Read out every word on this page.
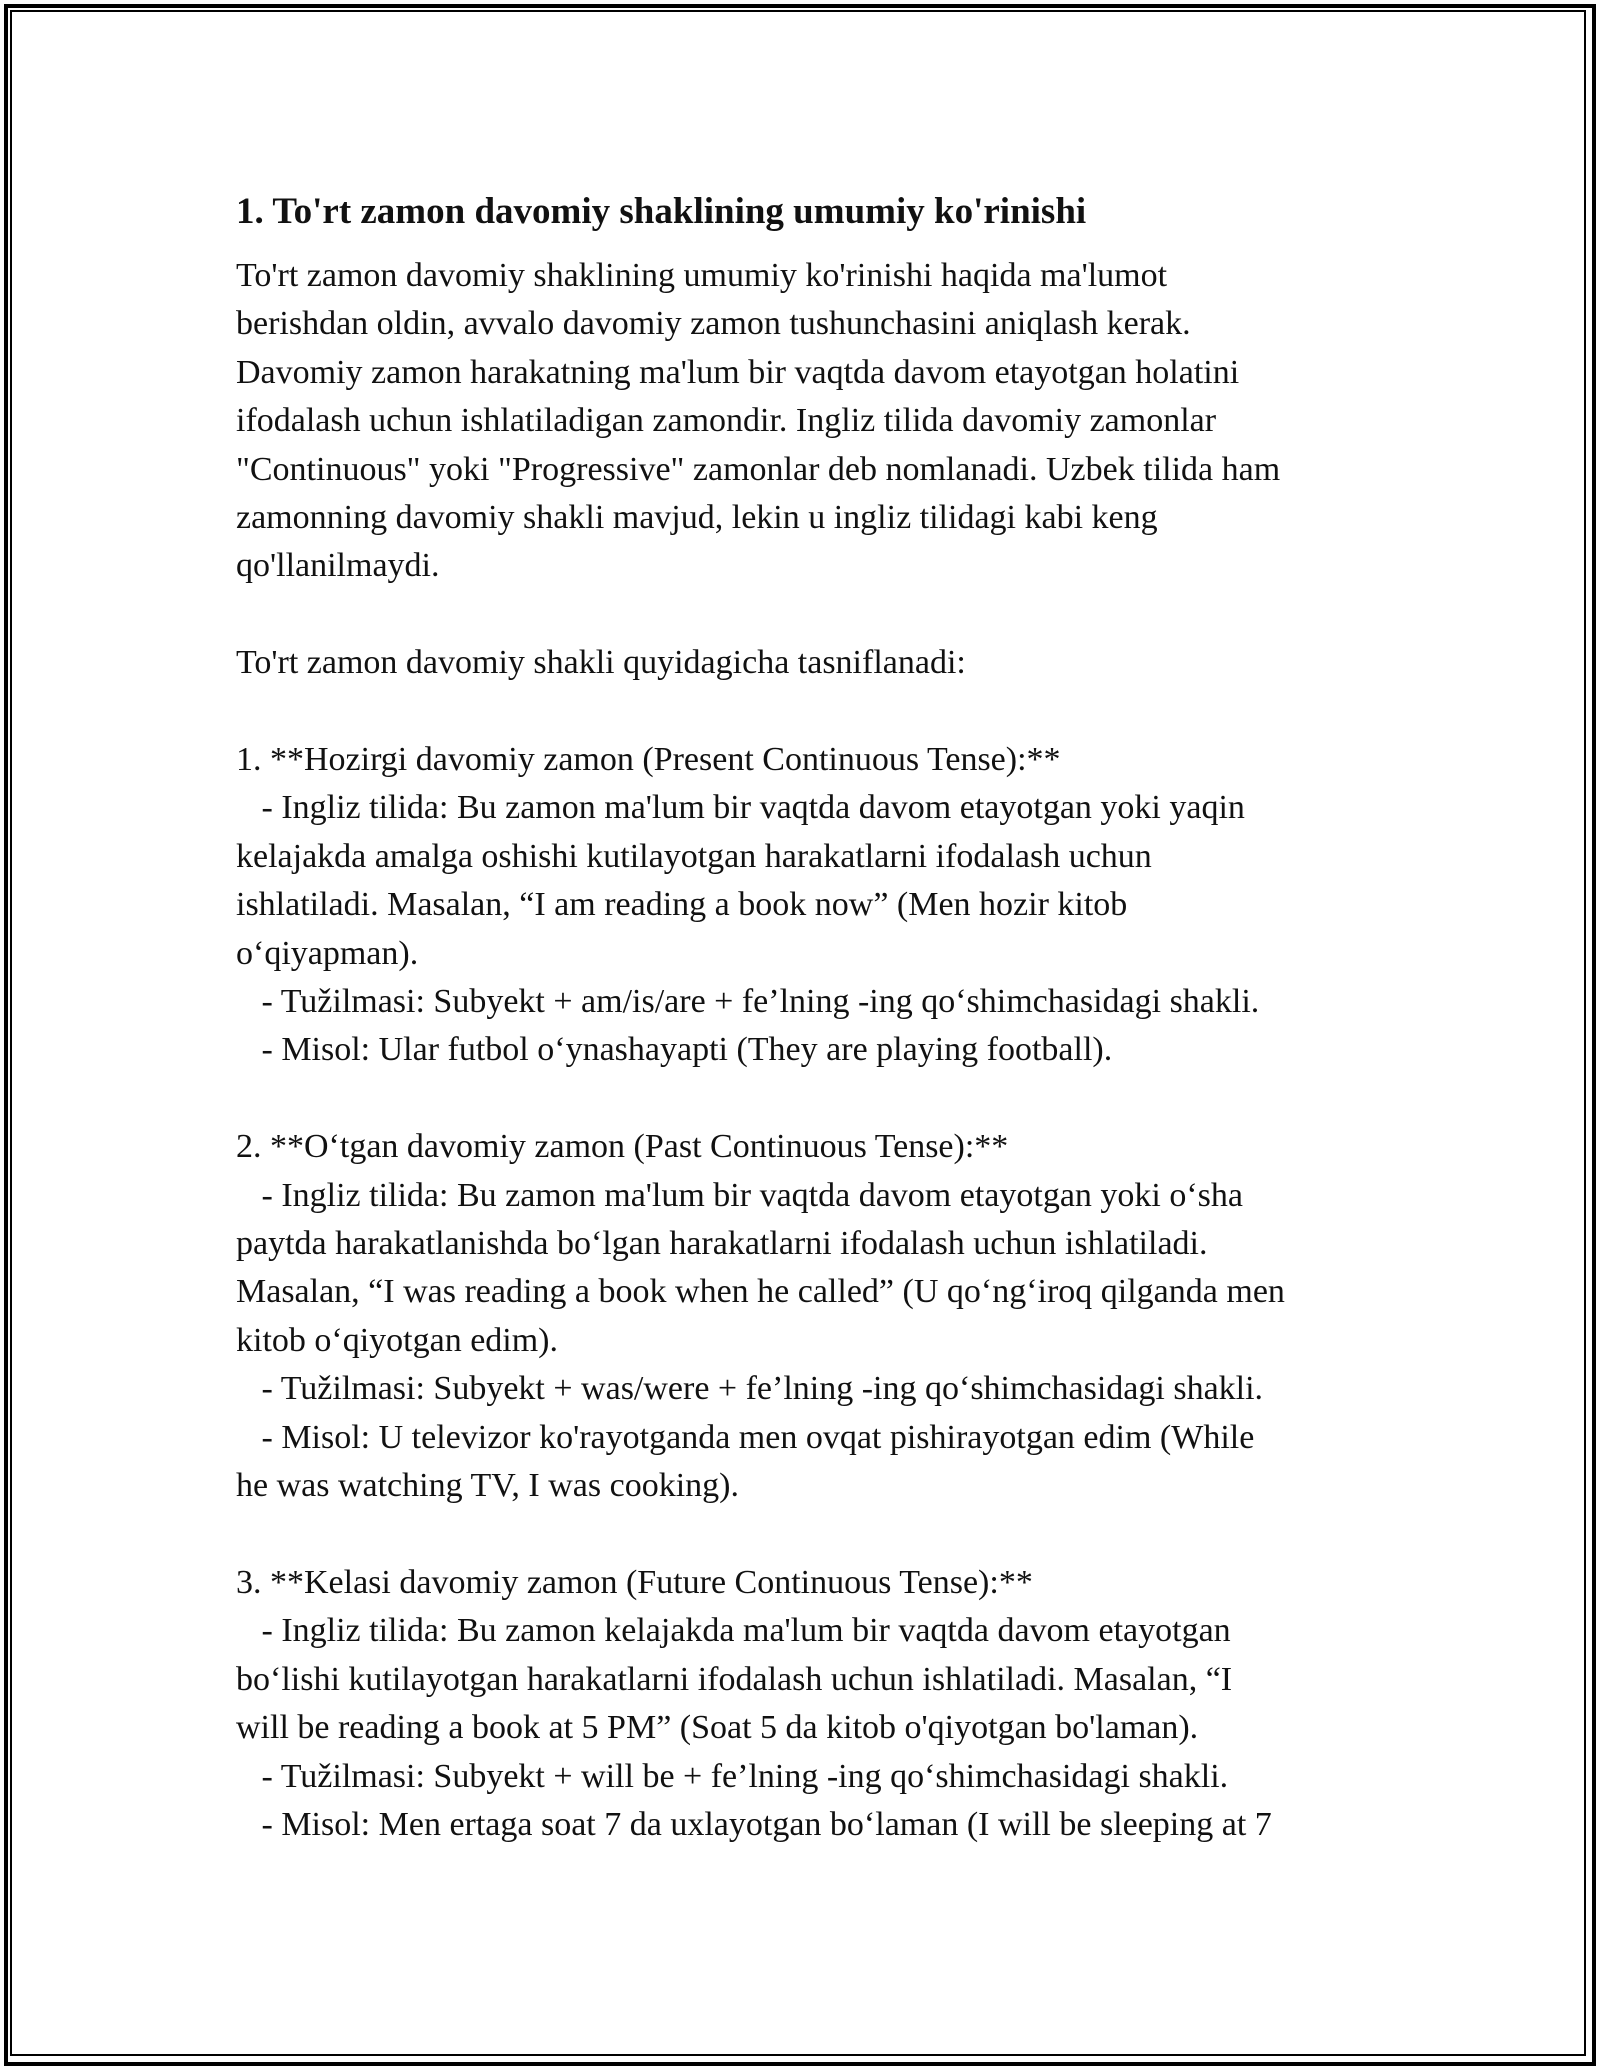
1. To'rt zamon davomiy shaklining umumiy ko'rinishi
To'rt zamon davomiy shaklining umumiy ko'rinishi haqida ma'lumot
berishdan oldin, avvalo davomiy zamon tushunchasini aniqlash kerak.
Davomiy zamon harakatning ma'lum bir vaqtda davom etayotgan holatini
ifodalash uchun ishlatiladigan zamondir. Ingliz tilida davomiy zamonlar
"Continuous" yoki "Progressive" zamonlar deb nomlanadi. Uzbek tilida ham
zamonning davomiy shakli mavjud, lekin u ingliz tilidagi kabi keng
qo'llanilmaydi.
To'rt zamon davomiy shakli quyidagicha tasniflanadi:
1. **Hozirgi davomiy zamon (Present Continuous Tense):**
- Ingliz tilida: Bu zamon ma'lum bir vaqtda davom etayotgan yoki yaqin
kelajakda amalga oshishi kutilayotgan harakatlarni ifodalash uchun
ishlatiladi. Masalan, “I am reading a book now” (Men hozir kitob
o‘qiyapman).
- Tužilmasi: Subyekt + am/is/are + fe’lning -ing qo‘shimchasidagi shakli.
- Misol: Ular futbol o‘ynashayapti (They are playing football).
2. **O‘tgan davomiy zamon (Past Continuous Tense):**
- Ingliz tilida: Bu zamon ma'lum bir vaqtda davom etayotgan yoki o‘sha
paytda harakatlanishda bo‘lgan harakatlarni ifodalash uchun ishlatiladi.
Masalan, “I was reading a book when he called” (U qo‘ng‘iroq qilganda men
kitob o‘qiyotgan edim).
- Tužilmasi: Subyekt + was/were + fe’lning -ing qo‘shimchasidagi shakli.
- Misol: U televizor ko'rayotganda men ovqat pishirayotgan edim (While
he was watching TV, I was cooking).
3. **Kelasi davomiy zamon (Future Continuous Tense):**
- Ingliz tilida: Bu zamon kelajakda ma'lum bir vaqtda davom etayotgan
bo‘lishi kutilayotgan harakatlarni ifodalash uchun ishlatiladi. Masalan, “I
will be reading a book at 5 PM” (Soat 5 da kitob o'qiyotgan bo'laman).
- Tužilmasi: Subyekt + will be + fe’lning -ing qo‘shimchasidagi shakli.
- Misol: Men ertaga soat 7 da uxlayotgan bo‘laman (I will be sleeping at 7
